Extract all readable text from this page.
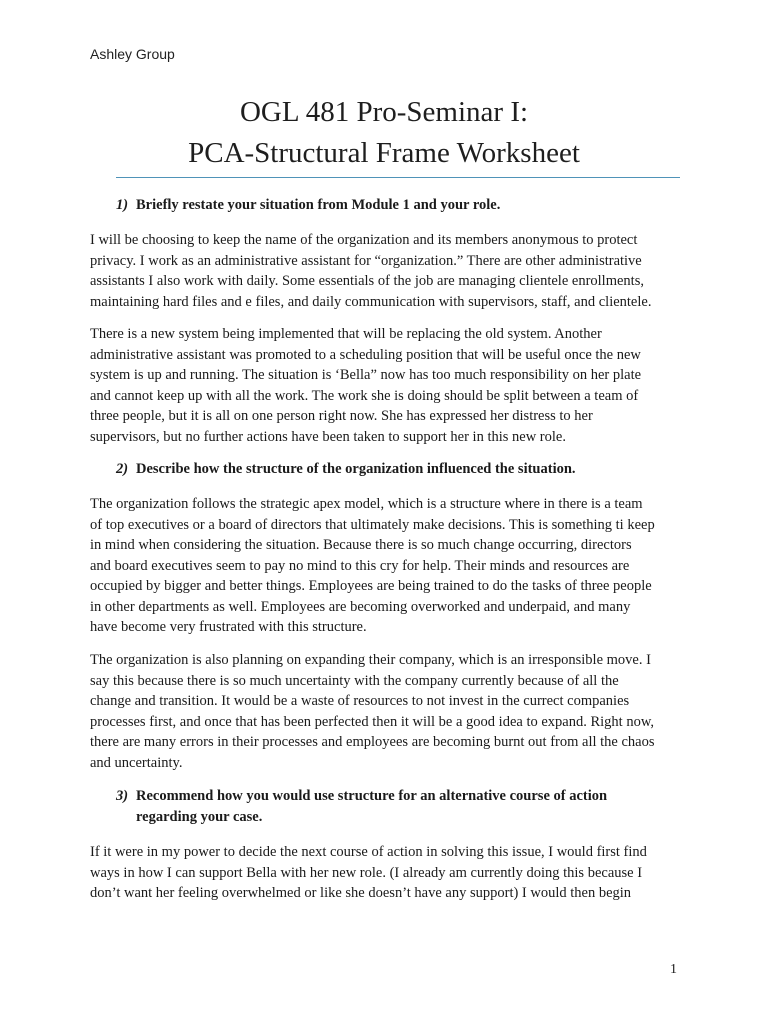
Ashley Group
OGL 481 Pro-Seminar I:
PCA-Structural Frame Worksheet
1) Briefly restate your situation from Module 1 and your role.
I will be choosing to keep the name of the organization and its members anonymous to protect
privacy. I work as an administrative assistant for “organization.” There are other administrative
assistants I also work with daily. Some essentials of the job are managing clientele enrollments,
maintaining hard files and e files, and daily communication with supervisors, staff, and clientele.
There is a new system being implemented that will be replacing the old system. Another
administrative assistant was promoted to a scheduling position that will be useful once the new
system is up and running. The situation is ‘Bella” now has too much responsibility on her plate
and cannot keep up with all the work. The work she is doing should be split between a team of
three people, but it is all on one person right now. She has expressed her distress to her
supervisors, but no further actions have been taken to support her in this new role.
2) Describe how the structure of the organization influenced the situation.
The organization follows the strategic apex model, which is a structure where in there is a team
of top executives or a board of directors that ultimately make decisions. This is something ti keep
in mind when considering the situation. Because there is so much change occurring, directors
and board executives seem to pay no mind to this cry for help. Their minds and resources are
occupied by bigger and better things. Employees are being trained to do the tasks of three people
in other departments as well. Employees are becoming overworked and underpaid, and many
have become very frustrated with this structure.
The organization is also planning on expanding their company, which is an irresponsible move. I
say this because there is so much uncertainty with the company currently because of all the
change and transition. It would be a waste of resources to not invest in the currect companies
processes first, and once that has been perfected then it will be a good idea to expand. Right now,
there are many errors in their processes and employees are becoming burnt out from all the chaos
and uncertainty.
3) Recommend how you would use structure for an alternative course of action
regarding your case.
If it were in my power to decide the next course of action in solving this issue, I would first find
ways in how I can support Bella with her new role. (I already am currently doing this because I
don’t want her feeling overwhelmed or like she doesn’t have any support) I would then begin
1
